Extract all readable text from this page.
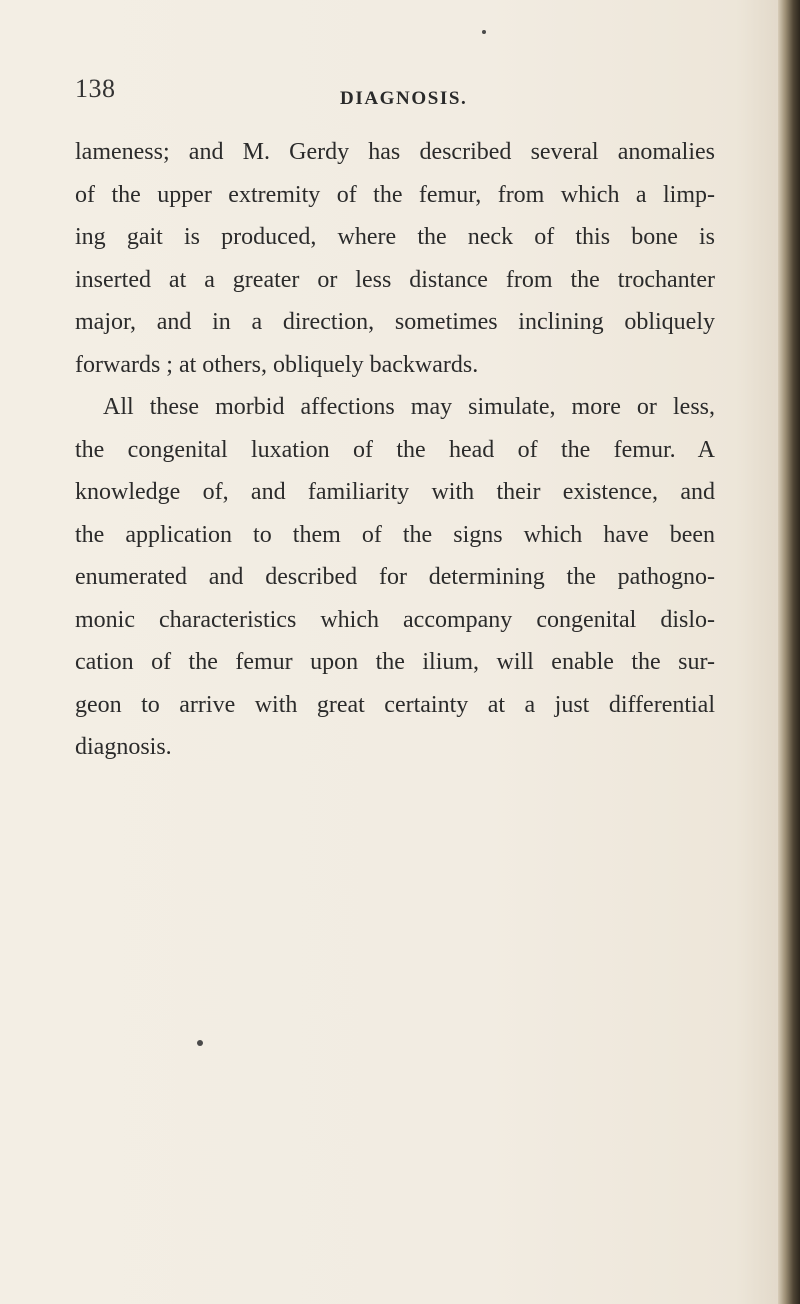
138	DIAGNOSIS.
lameness; and M. Gerdy has described several anomalies
of the upper extremity of the femur, from which a limp-
ing gait is produced, where the neck of this bone is
inserted at a greater or less distance from the trochanter
major, and in a direction, sometimes inclining obliquely
forwards ; at others, obliquely backwards.
All these morbid affections may simulate, more or less,
the congenital luxation of the head of the femur. A
knowledge of, and familiarity with their existence, and
the application to them of the signs which have been
enumerated and described for determining the pathogno-
monic characteristics which accompany congenital dislo-
cation of the femur upon the ilium, will enable the sur-
geon to arrive with great certainty at a just differential
diagnosis.
